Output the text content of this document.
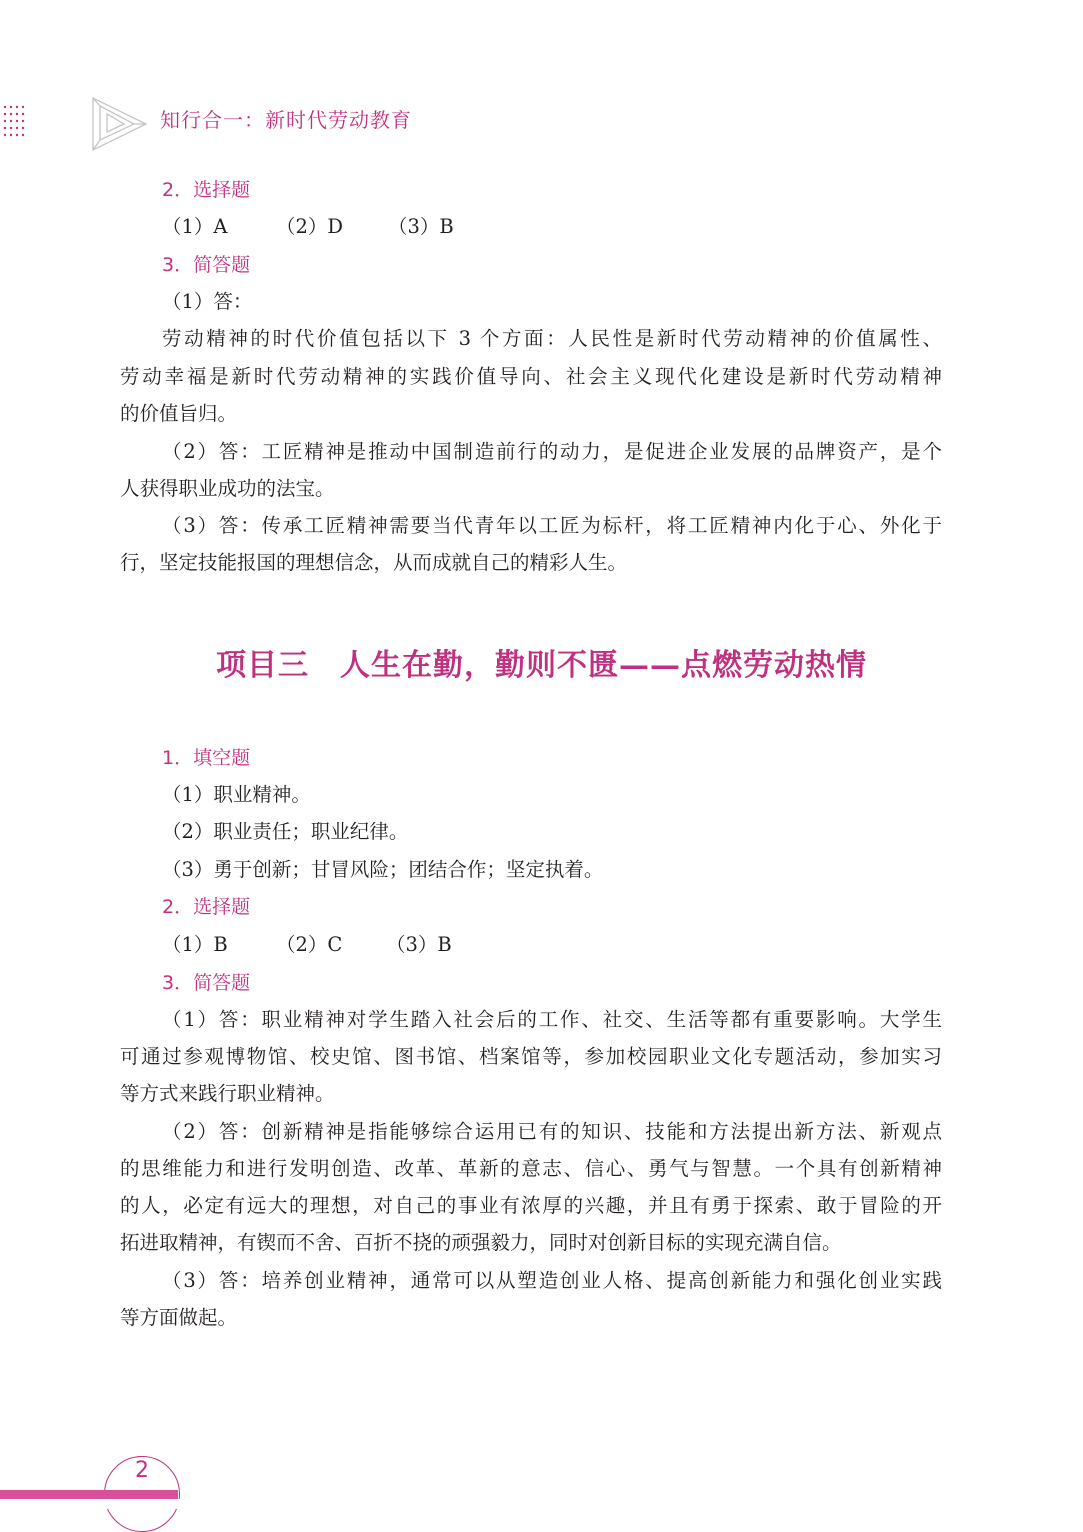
知行合一：新时代劳动教育
2．选择题
（1）A （2）D （3）B
3．简答题
（1）答：
劳动精神的时代价值包括以下 3 个方面：人民性是新时代劳动精神的价值属性、
劳动幸福是新时代劳动精神的实践价值导向、社会主义现代化建设是新时代劳动精神
的价值旨归。
（2）答：工匠精神是推动中国制造前行的动力，是促进企业发展的品牌资产，是个
人获得职业成功的法宝。
（3）答：传承工匠精神需要当代青年以工匠为标杆，将工匠精神内化于心、外化于
行，坚定技能报国的理想信念，从而成就自己的精彩人生。
项目三　人生在勤，勤则不匮——点燃劳动热情
1．填空题
（1）职业精神。
（2）职业责任；职业纪律。
（3）勇于创新；甘冒风险；团结合作；坚定执着。
2．选择题
（1）B （2）C （3）B
3．简答题
（1）答：职业精神对学生踏入社会后的工作、社交、生活等都有重要影响。大学生
可通过参观博物馆、校史馆、图书馆、档案馆等，参加校园职业文化专题活动，参加实习
等方式来践行职业精神。
（2）答：创新精神是指能够综合运用已有的知识、技能和方法提出新方法、新观点
的思维能力和进行发明创造、改革、革新的意志、信心、勇气与智慧。一个具有创新精神
的人，必定有远大的理想，对自己的事业有浓厚的兴趣，并且有勇于探索、敢于冒险的开
拓进取精神，有锲而不舍、百折不挠的顽强毅力，同时对创新目标的实现充满自信。
（3）答：培养创业精神，通常可以从塑造创业人格、提高创新能力和强化创业实践
等方面做起。
2
